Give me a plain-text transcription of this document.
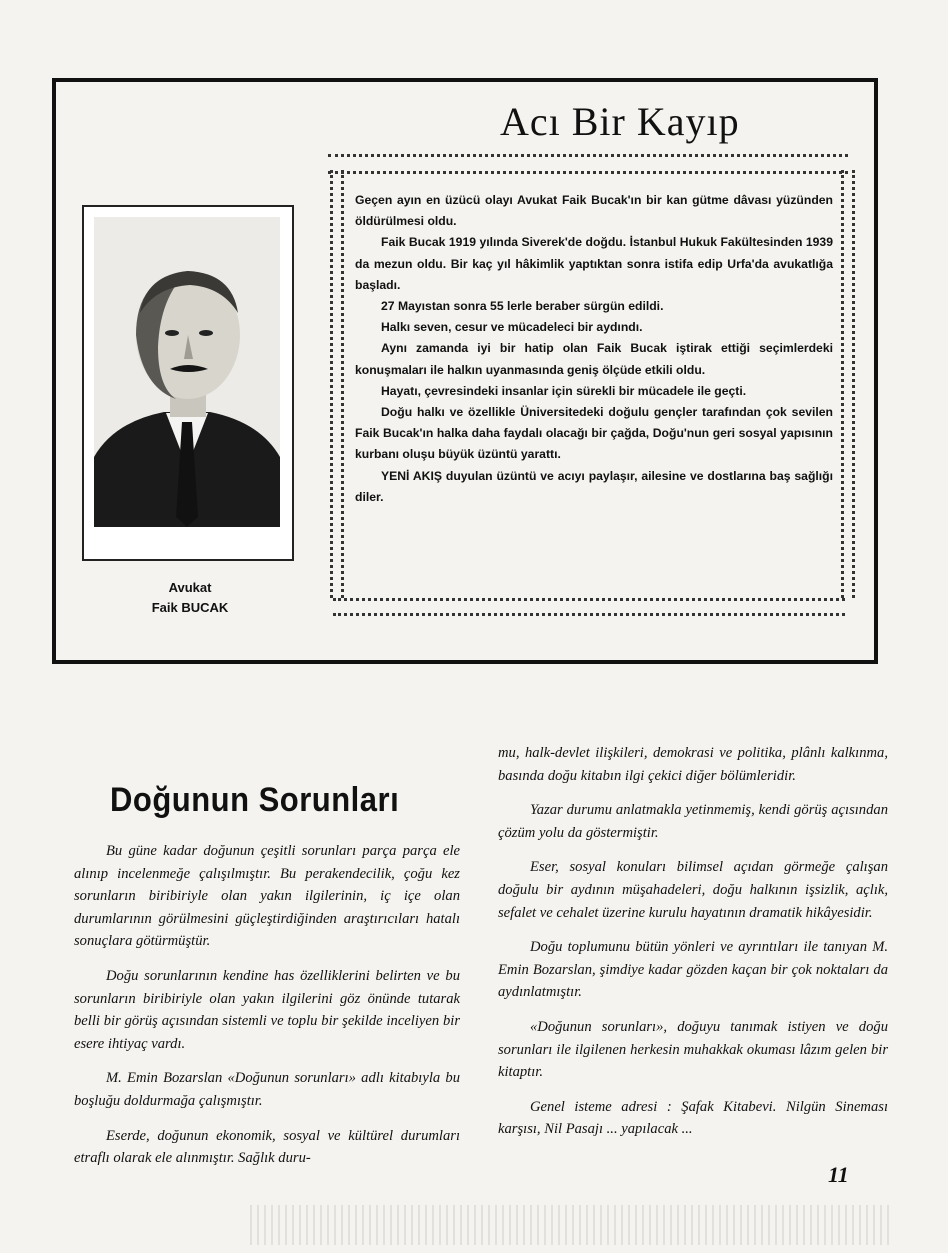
Acı Bir Kayıp
Avukat
Faik BUCAK

Geçen ayın en üzücü olayı Avukat Faik Bucak'ın bir kan gütme dâvası yüzünden öldürülmesi oldu.

Faik Bucak 1919 yılında Siverek'de doğdu. İstanbul Hukuk Fakültesinden 1939 da mezun oldu. Bir kaç yıl hâkimlik yaptıktan sonra istifa edip Urfa'da avukatlığa başladı.

27 Mayıstan sonra 55 lerle beraber sürgün edildi.

Halkı seven, cesur ve mücadeleci bir aydındı.

Aynı zamanda iyi bir hatip olan Faik Bucak iştirak ettiği seçimlerdeki konuşmaları ile halkın uyanmasında geniş ölçüde etkili oldu.

Hayatı, çevresindeki insanlar için sürekli bir mücadele ile geçti.

Doğu halkı ve özellikle Üniversitedeki doğulu gençler tarafından çok sevilen Faik Bucak'ın halka daha faydalı olacağı bir çağda, Doğu'nun geri sosyal yapısının kurbanı oluşu büyük üzüntü yarattı.

YENİ AKIŞ duyulan üzüntü ve acıyı paylaşır, ailesine ve dostlarına baş sağlığı diler.

Doğunun Sorunları

Bu güne kadar doğunun çeşitli sorunları parça parça ele alınıp incelenmeğe çalışılmıştır. Bu perakendecilik, çoğu kez sorunların biribiriyle olan yakın ilgilerinin, iç içe olan durumlarının görülmesini güçleştirdiğinden araştırıcıları hatalı sonuçlara götürmüştür.

Doğu sorunlarının kendine has özelliklerini belirten ve bu sorunların biribiriyle olan yakın ilgilerini göz önünde tutarak belli bir görüş açısından sistemli ve toplu bir şekilde inceliyen bir esere ihtiyaç vardı.

M. Emin Bozarslan «Doğunun sorunları» adlı kitabıyla bu boşluğu doldurmağa çalışmıştır.

Eserde, doğunun ekonomik, sosyal ve kültürel durumları etraflı olarak ele alınmıştır. Sağlık duru-

mu, halk-devlet ilişkileri, demokrasi ve politika, plânlı kalkınma, basında doğu kitabın ilgi çekici diğer bölümleridir.

Yazar durumu anlatmakla yetinmemiş, kendi görüş açısından çözüm yolu da göstermiştir.

Eser, sosyal konuları bilimsel açıdan görmeğe çalışan doğulu bir aydının müşahadeleri, doğu halkının işsizlik, açlık, sefalet ve cehalet üzerine kurulu hayatının dramatik hikâyesidir.

Doğu toplumunu bütün yönleri ve ayrıntıları ile tanıyan M. Emin Bozarslan, şimdiye kadar gözden kaçan bir çok noktaları da aydınlatmıştır.

«Doğunun sorunları», doğuyu tanımak istiyen ve doğu sorunları ile ilgilenen herkesin muhakkak okuması lâzım gelen bir kitaptır.

Genel isteme adresi : Şafak Kitabevi. Nilgün Sineması karşısı, Nil Pasajı ... yapılacak ...

11
